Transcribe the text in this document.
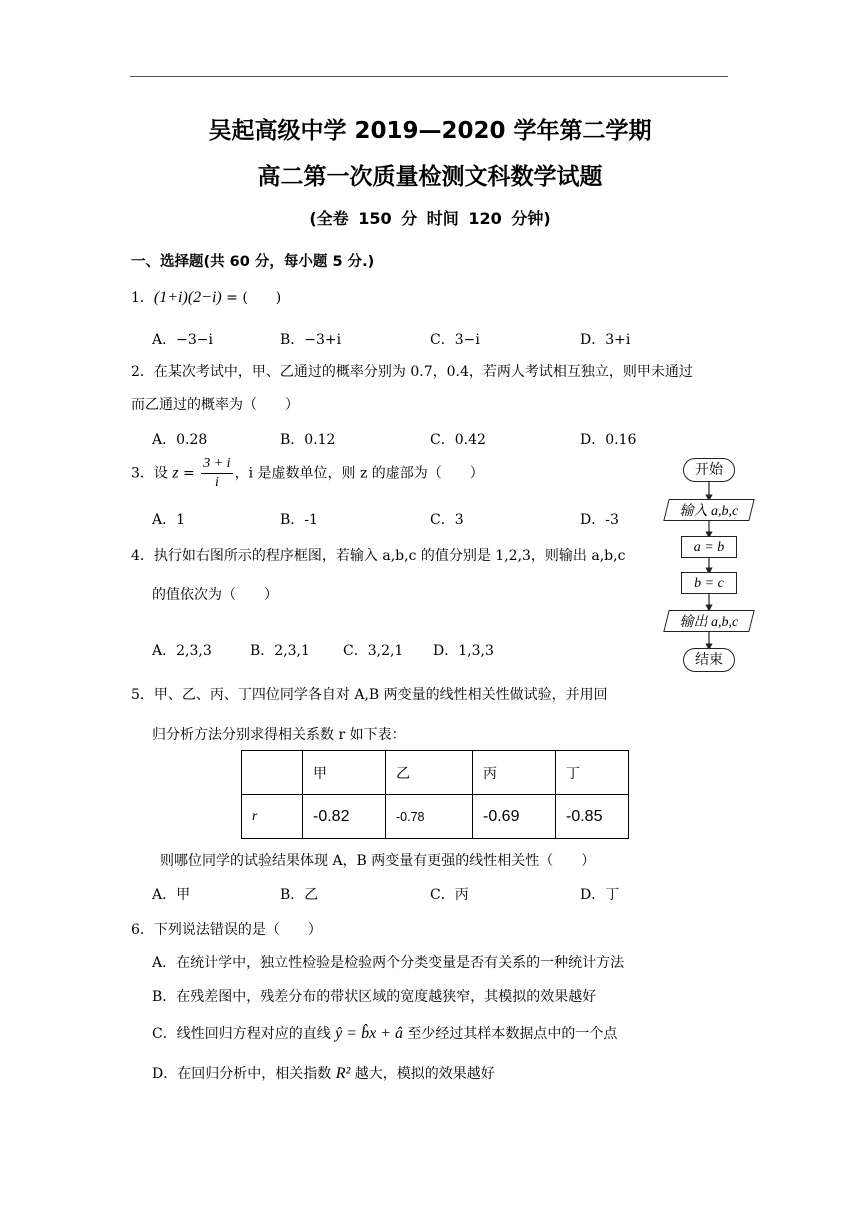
吴起高级中学 2019—2020 学年第二学期
高二第一次质量检测文科数学试题
(全卷 150 分 时间 120 分钟)
一、选择题(共 60 分，每小题 5 分.)
1．(1+i)(2−i) = (　　)
A．−3−i	B．−3+i	C．3−i	D．3+i
2．在某次考试中，甲、乙通过的概率分别为 0.7，0.4，若两人考试相互独立，则甲未通过
而乙通过的概率为（　　）
A．0.28	B．0.12	C．0.42	D．0.16
3．设 $z = \frac{3 + i}{i}$ ，i 是虚数单位，则 z 的虚部为（　　）
A．1	B．-1	C．3	D．-3
4．执行如右图所示的程序框图，若输入 a,b,c 的值分别是 1,2,3，则输出 a,b,c
的值依次为（　　）
A．2,3,3	B．2,3,1 C．3,2,1 D．1,3,3
开始
输入 a,b,c
a = b
b = c
输出 a,b,c
结束
5．甲、乙、丙、丁四位同学各自对 A,B 两变量的线性相关性做试验，并用回
归分析方法分别求得相关系数 r 如下表：
	甲	乙	丙	丁
r	-0.82	-0.78	-0.69	-0.85
则哪位同学的试验结果体现 A，B 两变量有更强的线性相关性（　　）
A．甲	B．乙	C．丙	D．丁
6．下列说法错误的是（　　）
A．在统计学中，独立性检验是检验两个分类变量是否有关系的一种统计方法
B．在残差图中，残差分布的带状区域的宽度越狭窄，其模拟的效果越好
C．线性回归方程对应的直线 ŷ = b̂x + â 至少经过其样本数据点中的一个点
D．在回归分析中，相关指数 R² 越大，模拟的效果越好
